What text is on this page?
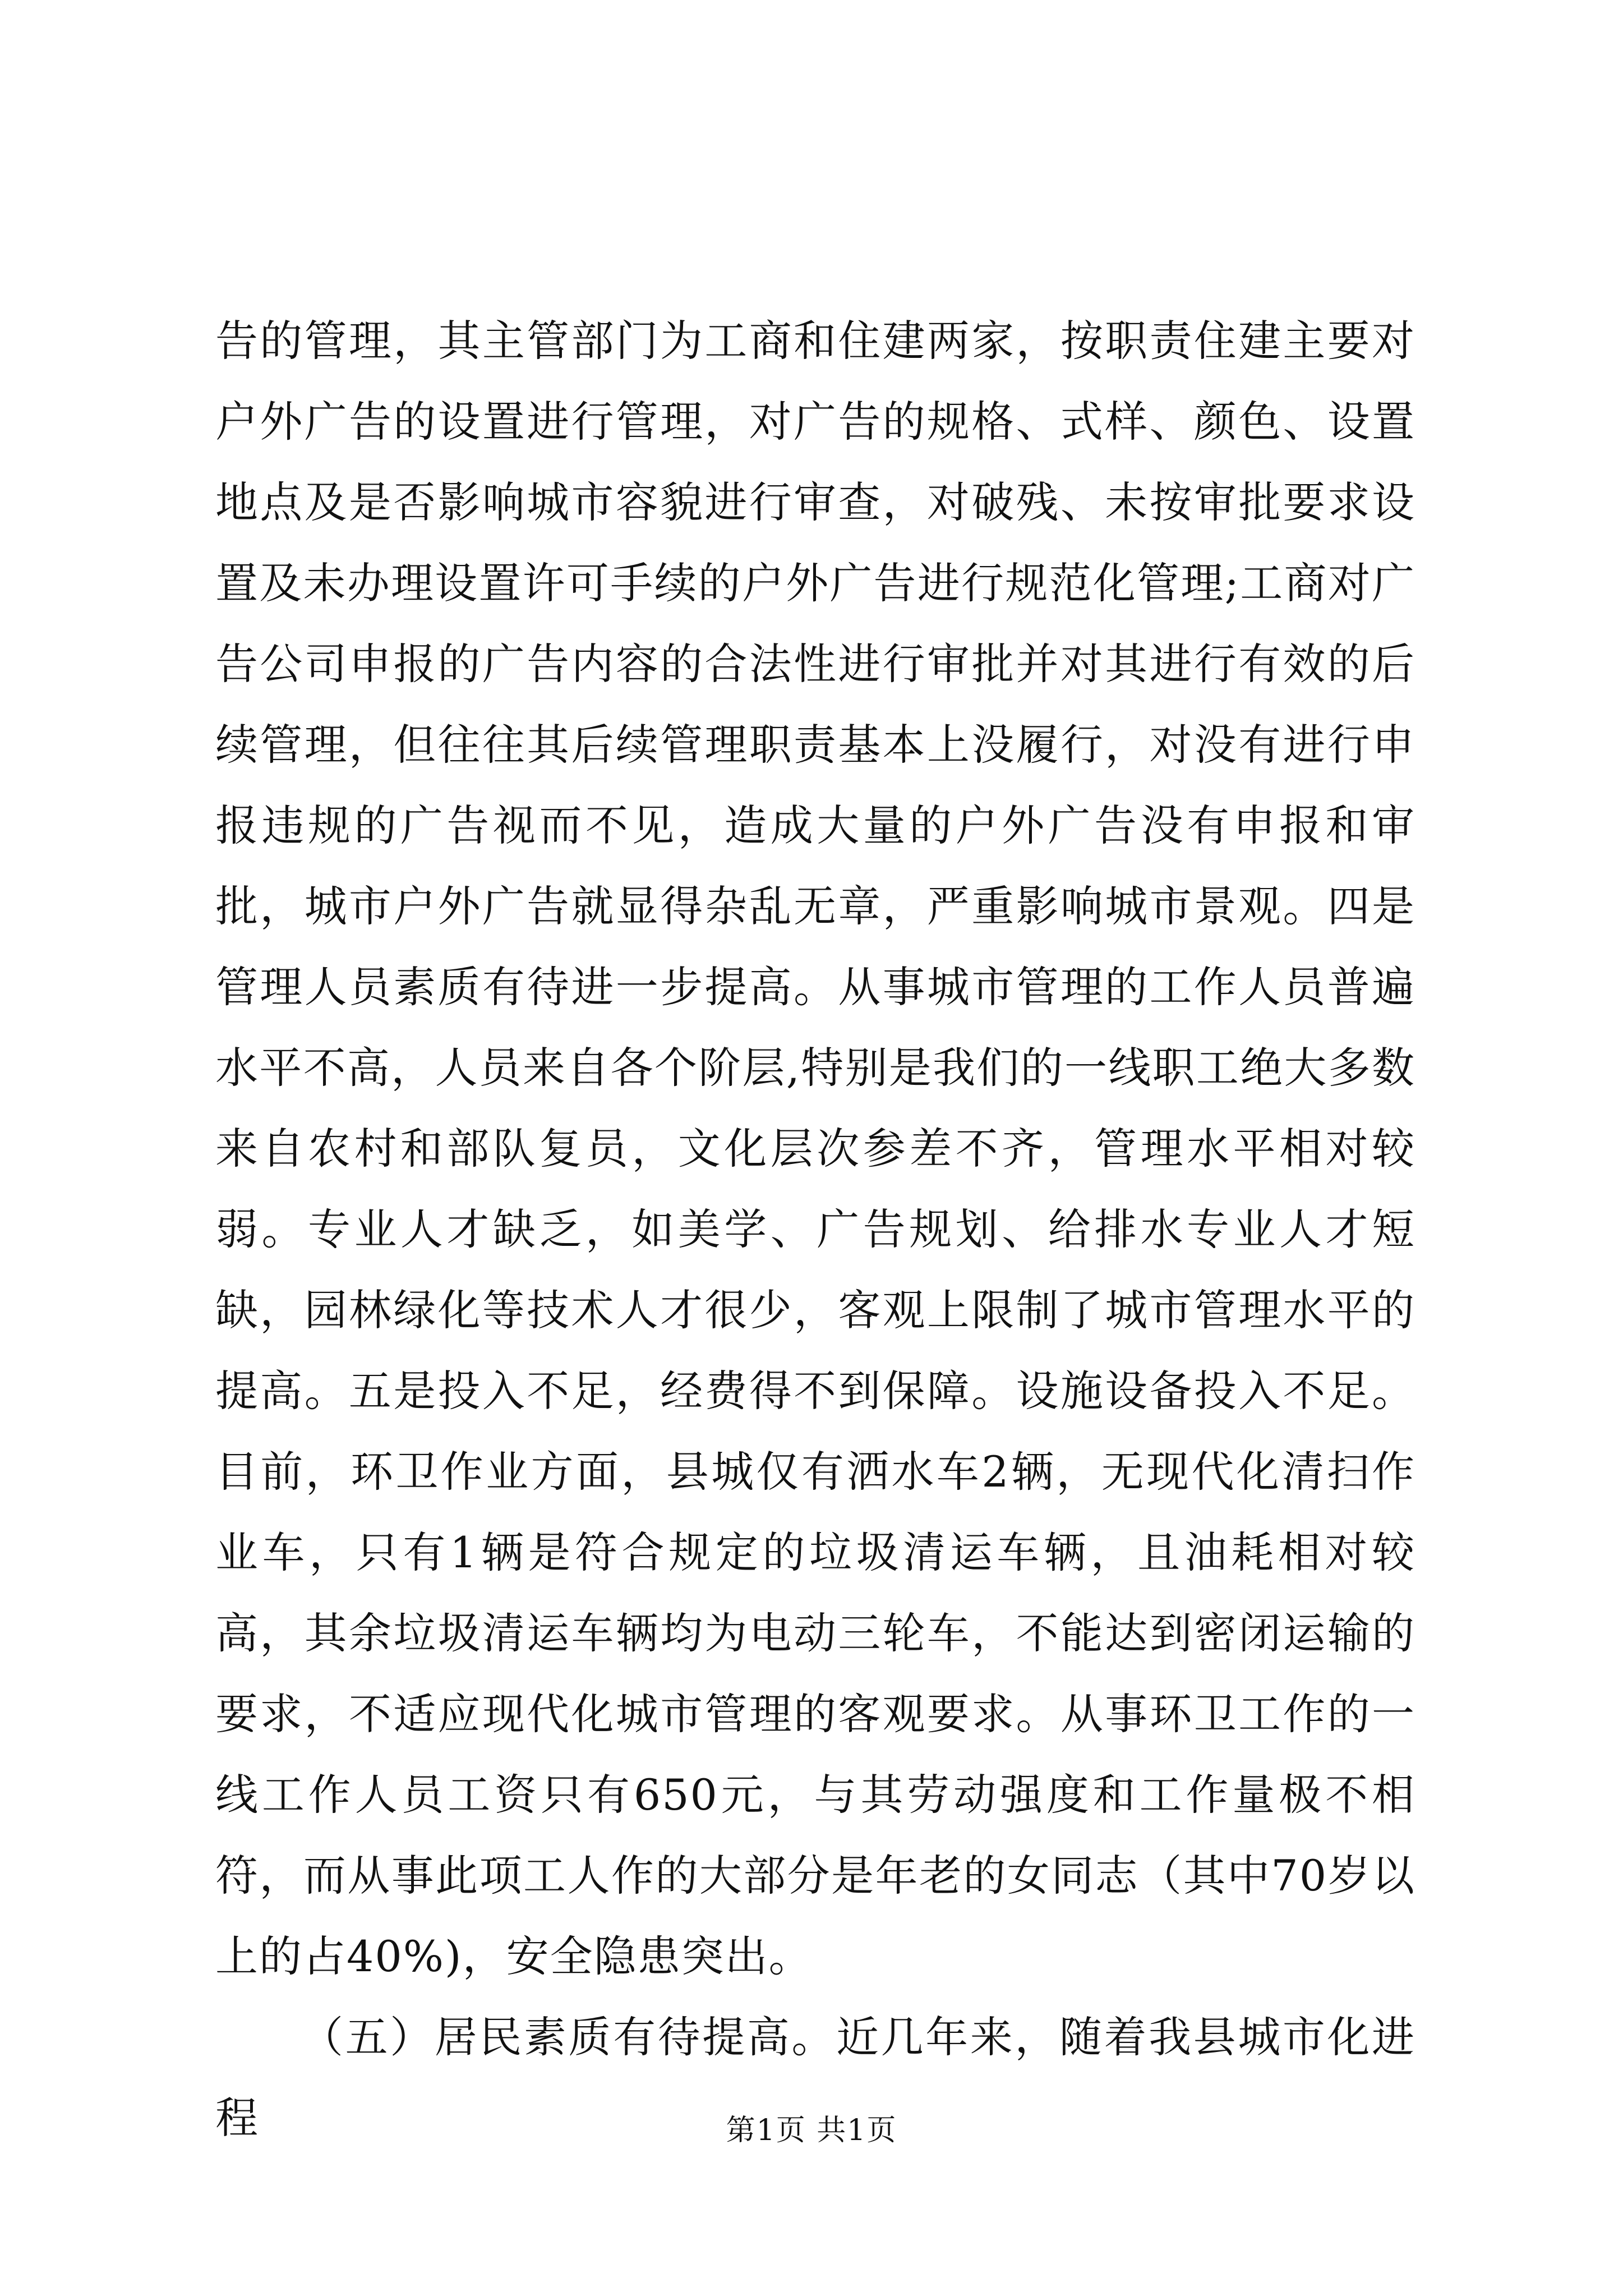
告的管理，其主管部门为工商和住建两家，按职责住建主要对户外广告的设置进行管理，对广告的规格、式样、颜色、设置地点及是否影响城市容貌进行审查，对破残、未按审批要求设置及未办理设置许可手续的户外广告进行规范化管理;工商对广告公司申报的广告内容的合法性进行审批并对其进行有效的后续管理，但往往其后续管理职责基本上没履行，对没有进行申报违规的广告视而不见，造成大量的户外广告没有申报和审批，城市户外广告就显得杂乱无章，严重影响城市景观。四是管理人员素质有待进一步提高。从事城市管理的工作人员普遍水平不高，人员来自各个阶层,特别是我们的一线职工绝大多数来自农村和部队复员，文化层次参差不齐，管理水平相对较弱。专业人才缺乏，如美学、广告规划、给排水专业人才短缺，园林绿化等技术人才很少，客观上限制了城市管理水平的提高。五是投入不足，经费得不到保障。设施设备投入不足。目前，环卫作业方面，县城仅有洒水车2辆，无现代化清扫作业车，只有1辆是符合规定的垃圾清运车辆，且油耗相对较高，其余垃圾清运车辆均为电动三轮车，不能达到密闭运输的要求，不适应现代化城市管理的客观要求。从事环卫工作的一线工作人员工资只有650元，与其劳动强度和工作量极不相符，而从事此项工人作的大部分是年老的女同志（其中70岁以上的占40%)，安全隐患突出。

（五）居民素质有待提高。近几年来，随着我县城市化进程	第1页 共1页
